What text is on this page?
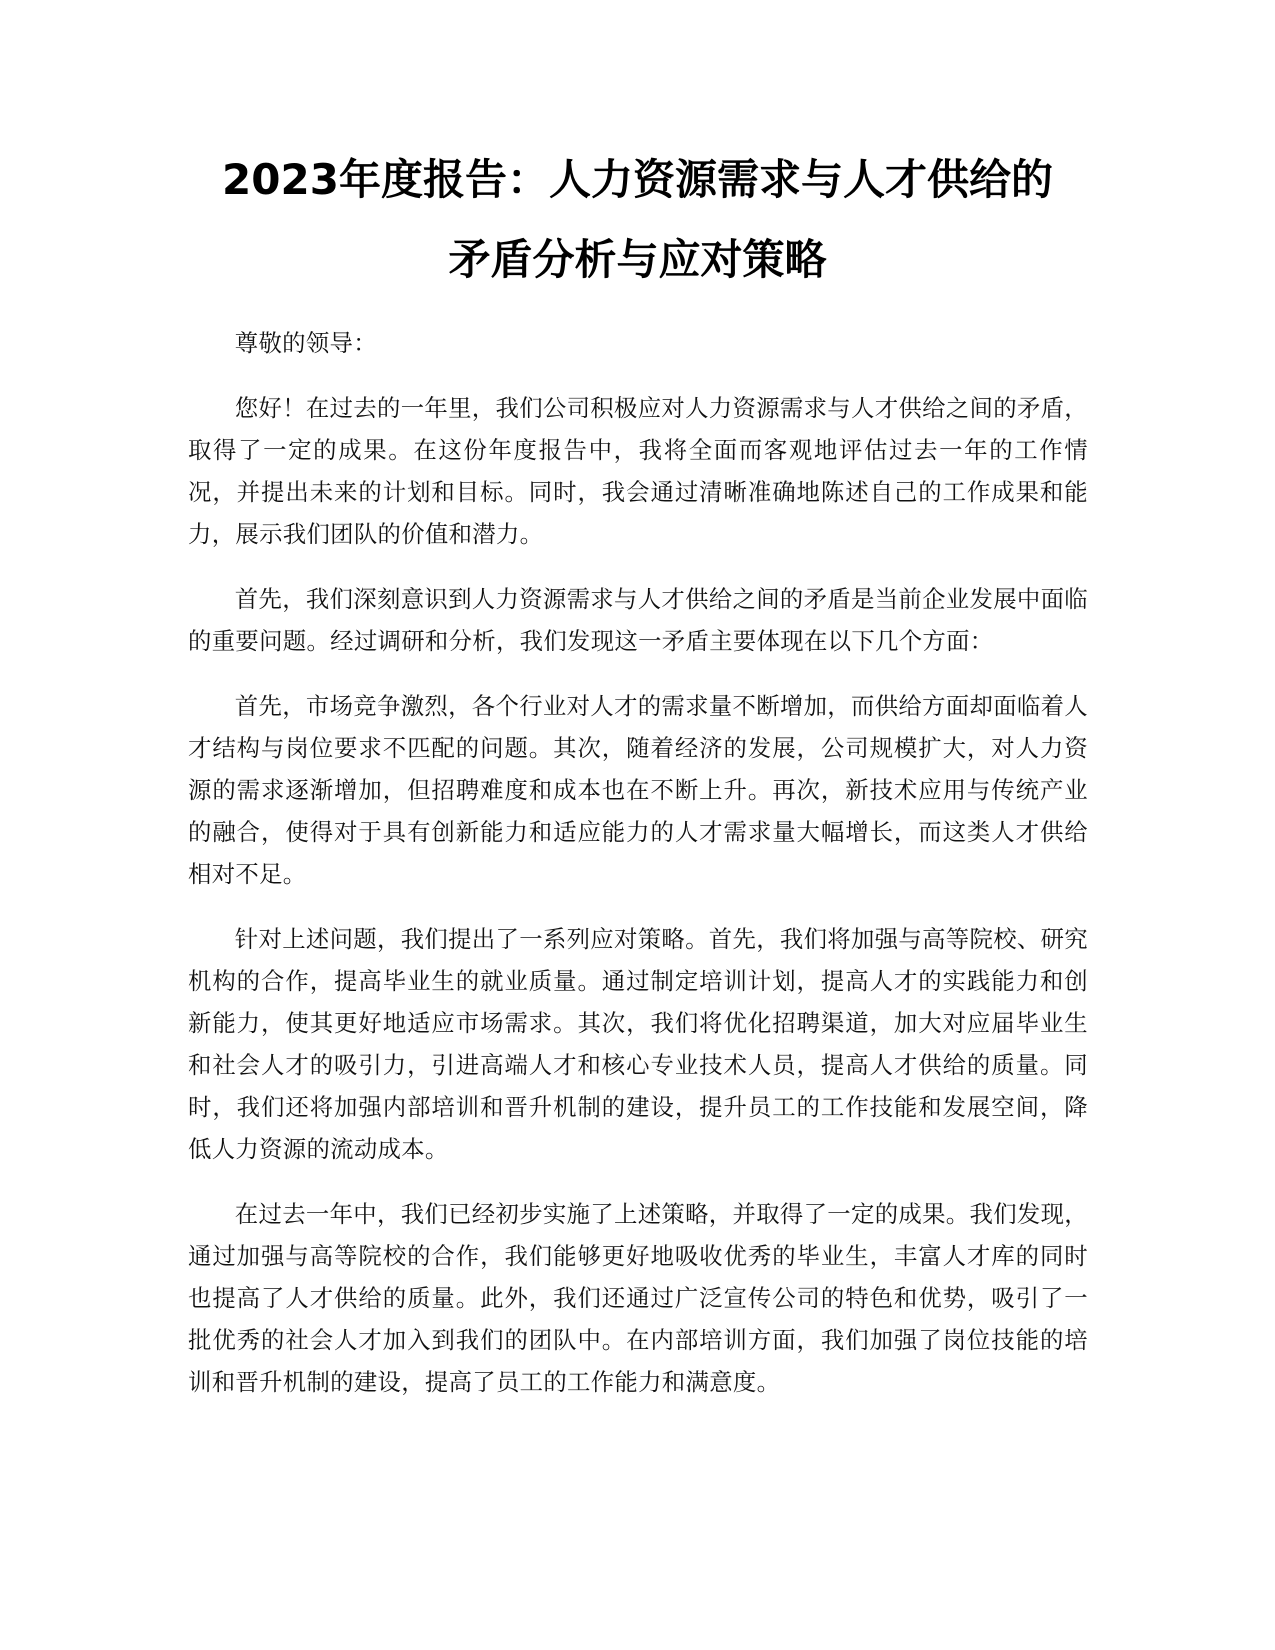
2023年度报告：人力资源需求与人才供给的
矛盾分析与应对策略

尊敬的领导：

您好！在过去的一年里，我们公司积极应对人力资源需求与人才供给之间的矛盾，取得了一定的成果。在这份年度报告中，我将全面而客观地评估过去一年的工作情况，并提出未来的计划和目标。同时，我会通过清晰准确地陈述自己的工作成果和能力，展示我们团队的价值和潜力。

首先，我们深刻意识到人力资源需求与人才供给之间的矛盾是当前企业发展中面临的重要问题。经过调研和分析，我们发现这一矛盾主要体现在以下几个方面：

首先，市场竞争激烈，各个行业对人才的需求量不断增加，而供给方面却面临着人才结构与岗位要求不匹配的问题。其次，随着经济的发展，公司规模扩大，对人力资源的需求逐渐增加，但招聘难度和成本也在不断上升。再次，新技术应用与传统产业的融合，使得对于具有创新能力和适应能力的人才需求量大幅增长，而这类人才供给相对不足。

针对上述问题，我们提出了一系列应对策略。首先，我们将加强与高等院校、研究机构的合作，提高毕业生的就业质量。通过制定培训计划，提高人才的实践能力和创新能力，使其更好地适应市场需求。其次，我们将优化招聘渠道，加大对应届毕业生和社会人才的吸引力，引进高端人才和核心专业技术人员，提高人才供给的质量。同时，我们还将加强内部培训和晋升机制的建设，提升员工的工作技能和发展空间，降低人力资源的流动成本。

在过去一年中，我们已经初步实施了上述策略，并取得了一定的成果。我们发现，通过加强与高等院校的合作，我们能够更好地吸收优秀的毕业生，丰富人才库的同时也提高了人才供给的质量。此外，我们还通过广泛宣传公司的特色和优势，吸引了一批优秀的社会人才加入到我们的团队中。在内部培训方面，我们加强了岗位技能的培训和晋升机制的建设，提高了员工的工作能力和满意度。
